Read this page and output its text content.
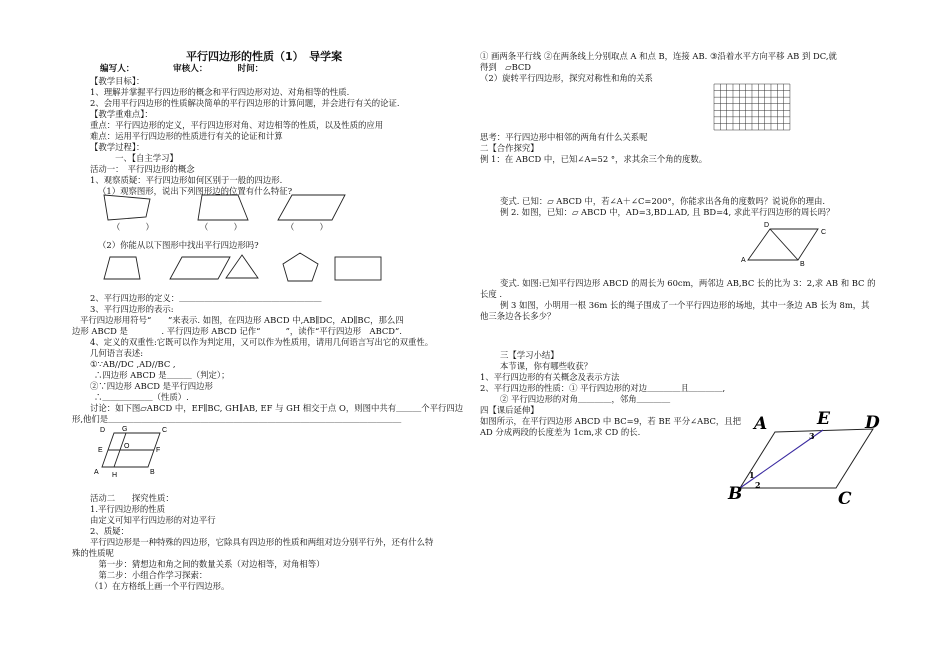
平行四边形的性质（1）　导学案
编写人：　　　　　审核人：　　　　时间：
【教学目标】：
1、理解并掌握平行四边形的概念和平行四边形对边、对角相等的性质.
2、会用平行四边形的性质解决简单的平行四边形的计算问题，并会进行有关的论证.
【教学重难点】：
重点：平行四边形的定义，平行四边形对角、对边相等的性质，以及性质的应用
难点：运用平行四边形的性质进行有关的论证和计算
【教学过程】：
　　　一、【自主学习】
活动一：　平行四边形的概念
1、观察质疑：平行四边形如何区别于一般的四边形.
（1）观察图形，说出下列图形边的位置有什么特征?
（　　　）	（　　　）	（　　　）
（2）你能从以下图形中找出平行四边形吗?
2、平行四边形的定义：＿＿＿＿＿＿＿＿＿＿＿＿＿＿＿＿＿
3、平行四边形的表示:
平行四边形用符号“　　”来表示. 如图，在四边形 ABCD 中,AB∥DC，AD∥BC，那么四
边形 ABCD 是　　　　. 平行四边形 ABCD 记作“　　　”，读作“平行四边形　ABCD”.
4、定义的双重性:它既可以作为判定用，又可以作为性质用，请用几何语言写出它的双重性。
几何语言表述:
①∵AB//DC ,AD//BC ,
∴四边形 ABCD 是＿＿＿（判定）；
②∵四边形 ABCD 是平行四边形
∴＿＿＿＿＿＿（性质）.
讨论：如下图▱ABCD 中，EF∥BC, GH∥AB, EF 与 GH 相交于点 O，则图中共有＿＿＿个平行四边
形,他们是＿＿＿＿＿＿＿＿＿＿＿＿＿＿＿＿＿＿＿＿＿＿＿＿＿＿＿＿＿＿＿＿＿＿＿
D G	C
E
O
F
A H	B
活动二　　探究性质：
1.平行四边形的性质
由定义可知平行四边形的对边平行
2、质疑：
平行四边形是一种特殊的四边形，它除具有四边形的性质和两组对边分别平行外，还有什么特
殊的性质呢
　第一步：猜想边和角之间的数量关系（对边相等，对角相等）
　第二步：小组合作学习探索：
（1）在方格纸上画一个平行四边形。
① 画两条平行线 ②在两条线上分别取点 A 和点 B，连接 AB. ③沿着水平方向平移 AB 到 DC,就
得到　▱BCD
（2）旋转平行四边形，探究对称性和角的关系
思考：平行四边形中相邻的两角有什么关系呢
二【合作探究】
例 1：在 ABCD 中，已知∠A=52 °，求其余三个角的度数。
变式. 已知：▱ ABCD 中，若∠A＋∠C=200°，你能求出各角的度数吗？说说你的理由.
例 2. 如图，已知：▱ ABCD 中，AD=3,BD⊥AD, 且 BD=4, 求此平行四边形的周长吗？
D
C
A
B
变式. 如图:已知平行四边形 ABCD 的周长为 60cm，两邻边 AB,BC 长的比为 3：2,求 AB 和 BC 的
长度 .
例 3 如图，小明用一根 36m 长的绳子围成了一个平行四边形的场地，其中一条边 AB 长为 8m，其
他三条边各长多少？
三【学习小结】
本节课，你有哪些收获？
1、平行四边形的有关概念及表示方法
2、平行四边形的性质：① 平行四边形的对边＿＿＿＿且＿＿＿＿,
② 平行四边形的对角＿＿＿＿，邻角＿＿＿＿
四【课后延伸】
如图所示，在平行四边形 ABCD 中 BC=9，若 BE 平分∠ABC，且把
AD 分成两段的长度差为 1cm,求 CD 的长.	A	E D
B	C
1
2
3
